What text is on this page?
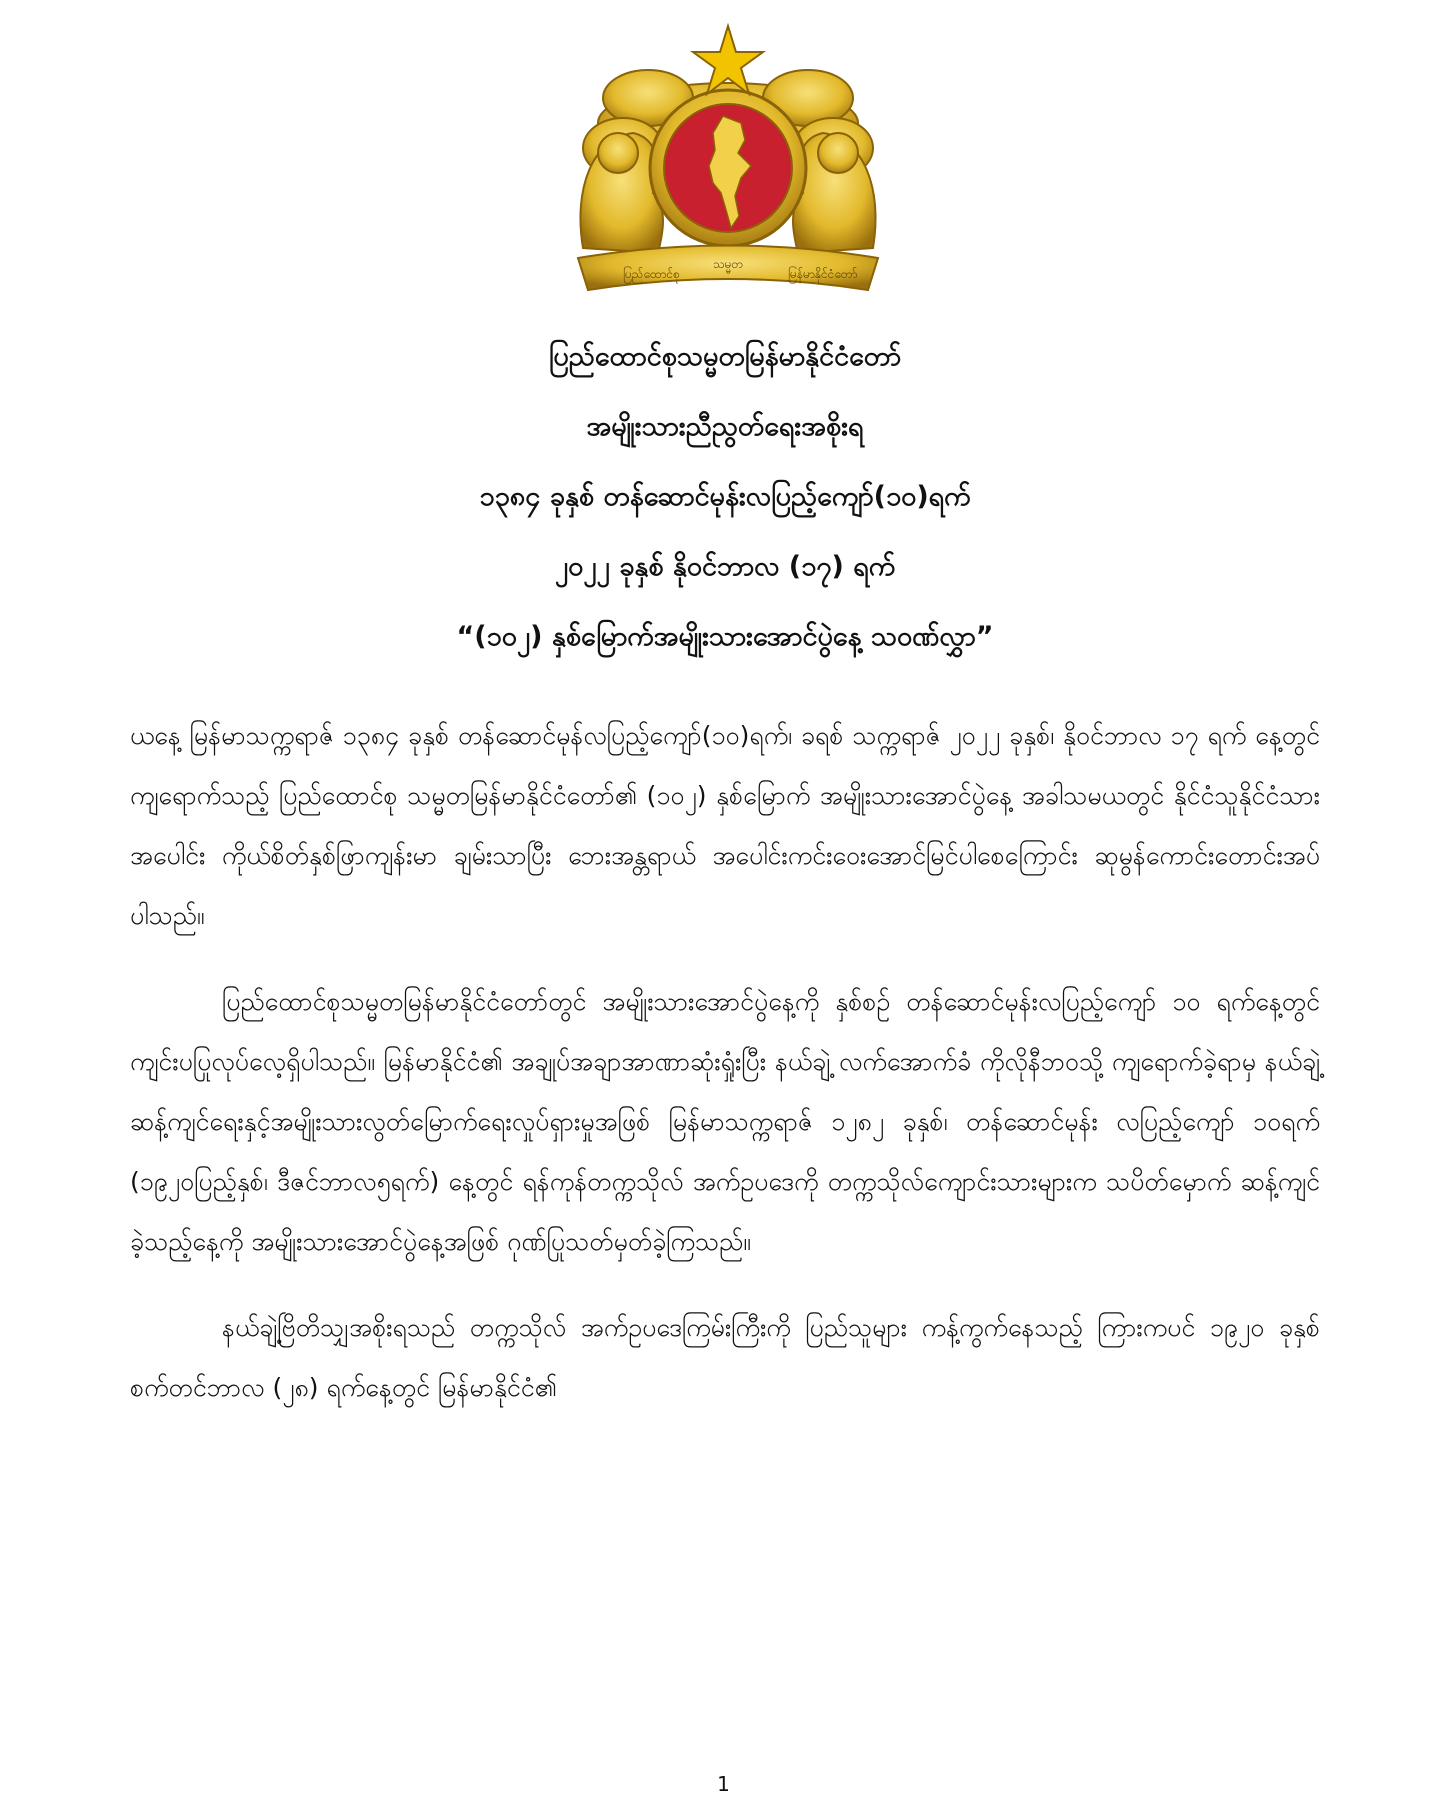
ပြည်ထောင်စု
သမ္မတ
မြန်မာနိုင်ငံတော်
ပြည်ထောင်စုသမ္မတမြန်မာနိုင်ငံတော်
အမျိုးသားညီညွတ်ရေးအစိုးရ
၁၃၈၄ ခုနှစ် တန်ဆောင်မုန်းလပြည့်ကျော်(၁၀)ရက်
၂၀၂၂ ခုနှစ် နိုဝင်ဘာလ (၁၇) ရက်
“(၁၀၂) နှစ်မြောက်အမျိုးသားအောင်ပွဲနေ့ သဝဏ်လွှာ”

ယနေ့ မြန်မာသက္ကရာဇ် ၁၃၈၄ ခုနှစ် တန်ဆောင်မုန်လပြည့်ကျော်(၁၀)ရက်၊ ခရစ် သက္ကရာဇ် ၂၀၂၂ ခုနှစ်၊ နိုဝင်ဘာလ ၁၇ ရက် နေ့တွင် ကျရောက်သည့် ပြည်ထောင်စု သမ္မတမြန်မာနိုင်ငံတော်၏ (၁၀၂) နှစ်မြောက် အမျိုးသားအောင်ပွဲနေ့ အခါသမယတွင် နိုင်ငံသူနိုင်ငံသားအပေါင်း ကိုယ်စိတ်နှစ်ဖြာကျန်းမာ ချမ်းသာပြီး ဘေးအန္တရာယ် အပေါင်းကင်းဝေးအောင်မြင်ပါစေကြောင်း ဆုမွန်ကောင်းတောင်းအပ်ပါသည်။

ပြည်ထောင်စုသမ္မတမြန်မာနိုင်ငံတော်တွင် အမျိုးသားအောင်ပွဲနေ့ကို နှစ်စဉ် တန်ဆောင်မုန်းလပြည့်ကျော် ၁၀ ရက်နေ့တွင် ကျင်းပပြုလုပ်လေ့ရှိပါသည်။ မြန်မာနိုင်ငံ၏ အချုပ်အချာအာဏာဆုံးရှုံးပြီး နယ်ချဲ့ လက်အောက်ခံ ကိုလိုနီဘဝသို့ ကျရောက်ခဲ့ရာမှ နယ်ချဲ့ဆန့်ကျင်ရေးနှင့်အမျိုးသားလွတ်မြောက်ရေးလှုပ်ရှားမှုအဖြစ် မြန်မာသက္ကရာဇ် ၁၂၈၂ ခုနှစ်၊ တန်ဆောင်မုန်း လပြည့်ကျော် ၁၀ရက် (၁၉၂၀ပြည့်နှစ်၊ ဒီဇင်ဘာလ၅ရက်) နေ့တွင် ရန်ကုန်တက္ကသိုလ် အက်ဥပဒေကို တက္ကသိုလ်ကျောင်းသားများက သပိတ်မှောက် ဆန့်ကျင်ခဲ့သည့်နေ့ကို အမျိုးသားအောင်ပွဲနေ့အဖြစ် ဂုဏ်ပြုသတ်မှတ်ခဲ့ကြသည်။

နယ်ချဲ့ဗြိတိသျှအစိုးရသည် တက္ကသိုလ် အက်ဥပဒေကြမ်းကြီးကို ပြည်သူများ ကန့်ကွက်နေသည့် ကြားကပင် ၁၉၂၀ ခုနှစ် စက်တင်ဘာလ (၂၈) ရက်နေ့တွင် မြန်မာနိုင်ငံ၏

1
